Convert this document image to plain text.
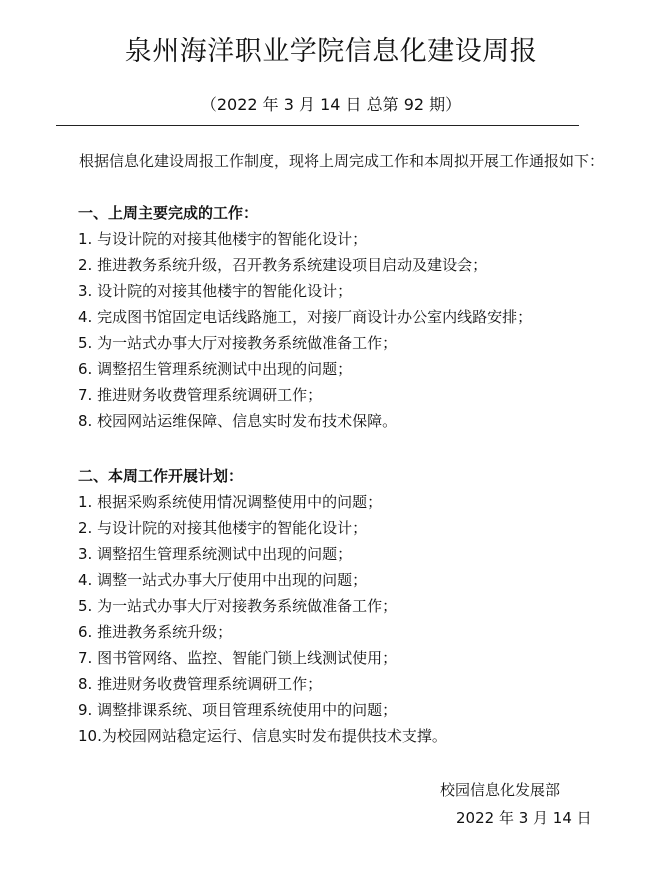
泉州海洋职业学院信息化建设周报
（2022 年 3 月 14 日 总第 92 期）
根据信息化建设周报工作制度，现将上周完成工作和本周拟开展工作通报如下：
一、上周主要完成的工作：
1. 与设计院的对接其他楼宇的智能化设计；
2. 推进教务系统升级，召开教务系统建设项目启动及建设会；
3. 设计院的对接其他楼宇的智能化设计；
4. 完成图书馆固定电话线路施工，对接厂商设计办公室内线路安排；
5. 为一站式办事大厅对接教务系统做准备工作；
6. 调整招生管理系统测试中出现的问题；
7. 推进财务收费管理系统调研工作；
8. 校园网站运维保障、信息实时发布技术保障。
二、本周工作开展计划：
1. 根据采购系统使用情况调整使用中的问题；
2. 与设计院的对接其他楼宇的智能化设计；
3. 调整招生管理系统测试中出现的问题；
4. 调整一站式办事大厅使用中出现的问题；
5. 为一站式办事大厅对接教务系统做准备工作；
6. 推进教务系统升级；
7. 图书管网络、监控、智能门锁上线测试使用；
8. 推进财务收费管理系统调研工作；
9. 调整排课系统、项目管理系统使用中的问题；
10.为校园网站稳定运行、信息实时发布提供技术支撑。
校园信息化发展部
2022 年 3 月 14 日
